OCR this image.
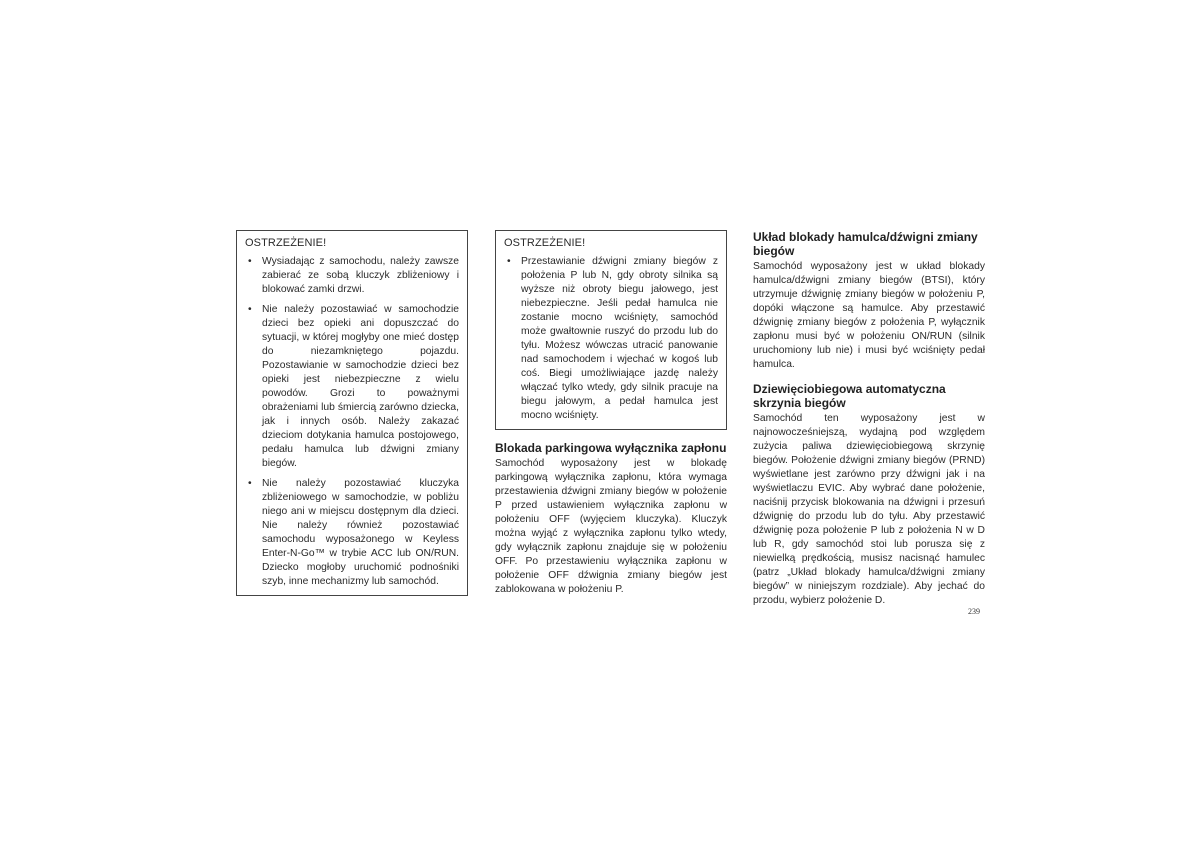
OSTRZEŻENIE!
• Wysiadając z samochodu, należy zawsze zabierać ze sobą kluczyk zbliżeniowy i blokować zamki drzwi.
• Nie należy pozostawiać w samochodzie dzieci bez opieki ani dopuszczać do sytuacji, w której mogłyby one mieć dostęp do niezamkniętego pojazdu. Pozostawianie w samochodzie dzieci bez opieki jest niebezpieczne z wielu powodów. Grozi to poważnymi obrażeniami lub śmiercią zarówno dziecka, jak i innych osób. Należy zakazać dzieciom dotykania hamulca postojowego, pedału hamulca lub dźwigni zmiany biegów.
• Nie należy pozostawiać kluczyka zbliżeniowego w samochodzie, w pobliżu niego ani w miejscu dostępnym dla dzieci. Nie należy również pozostawiać samochodu wyposażonego w Keyless Enter-N-Go™ w trybie ACC lub ON/RUN. Dziecko mogłoby uruchomić podnośniki szyb, inne mechanizmy lub samochód.
OSTRZEŻENIE!
• Przestawianie dźwigni zmiany biegów z położenia P lub N, gdy obroty silnika są wyższe niż obroty biegu jałowego, jest niebezpieczne. Jeśli pedał hamulca nie zostanie mocno wciśnięty, samochód może gwałtownie ruszyć do przodu lub do tyłu. Możesz wówczas utracić panowanie nad samochodem i wjechać w kogoś lub coś. Biegi umożliwiające jazdę należy włączać tylko wtedy, gdy silnik pracuje na biegu jałowym, a pedał hamulca jest mocno wciśnięty.
Blokada parkingowa wyłącznika zapłonu

Samochód wyposażony jest w blokadę parkingową wyłącznika zapłonu, która wymaga przestawienia dźwigni zmiany biegów w położenie P przed ustawieniem wyłącznika zapłonu w położeniu OFF (wyjęciem kluczyka). Kluczyk można wyjąć z wyłącznika zapłonu tylko wtedy, gdy wyłącznik zapłonu znajduje się w położeniu OFF. Po przestawieniu wyłącznika zapłonu w położenie OFF dźwignia zmiany biegów jest zablokowana w położeniu P.

Układ blokady hamulca/dźwigni zmiany biegów

Samochód wyposażony jest w układ blokady hamulca/dźwigni zmiany biegów (BTSI), który utrzymuje dźwignię zmiany biegów w położeniu P, dopóki włączone są hamulce. Aby przestawić dźwignię zmiany biegów z położenia P, wyłącznik zapłonu musi być w położeniu ON/RUN (silnik uruchomiony lub nie) i musi być wciśnięty pedał hamulca.

Dziewięciobiegowa automatyczna skrzynia biegów

Samochód ten wyposażony jest w najnowocześniejszą, wydajną pod względem zużycia paliwa dziewięciobiegową skrzynię biegów. Położenie dźwigni zmiany biegów (PRND) wyświetlane jest zarówno przy dźwigni jak i na wyświetlaczu EVIC. Aby wybrać dane położenie, naciśnij przycisk blokowania na dźwigni i przesuń dźwignię do przodu lub do tyłu. Aby przestawić dźwignię poza położenie P lub z położenia N w D lub R, gdy samochód stoi lub porusza się z niewielką prędkością, musisz nacisnąć hamulec (patrz „Układ blokady hamulca/dźwigni zmiany biegów” w niniejszym rozdziale). Aby jechać do przodu, wybierz położenie D.

239
